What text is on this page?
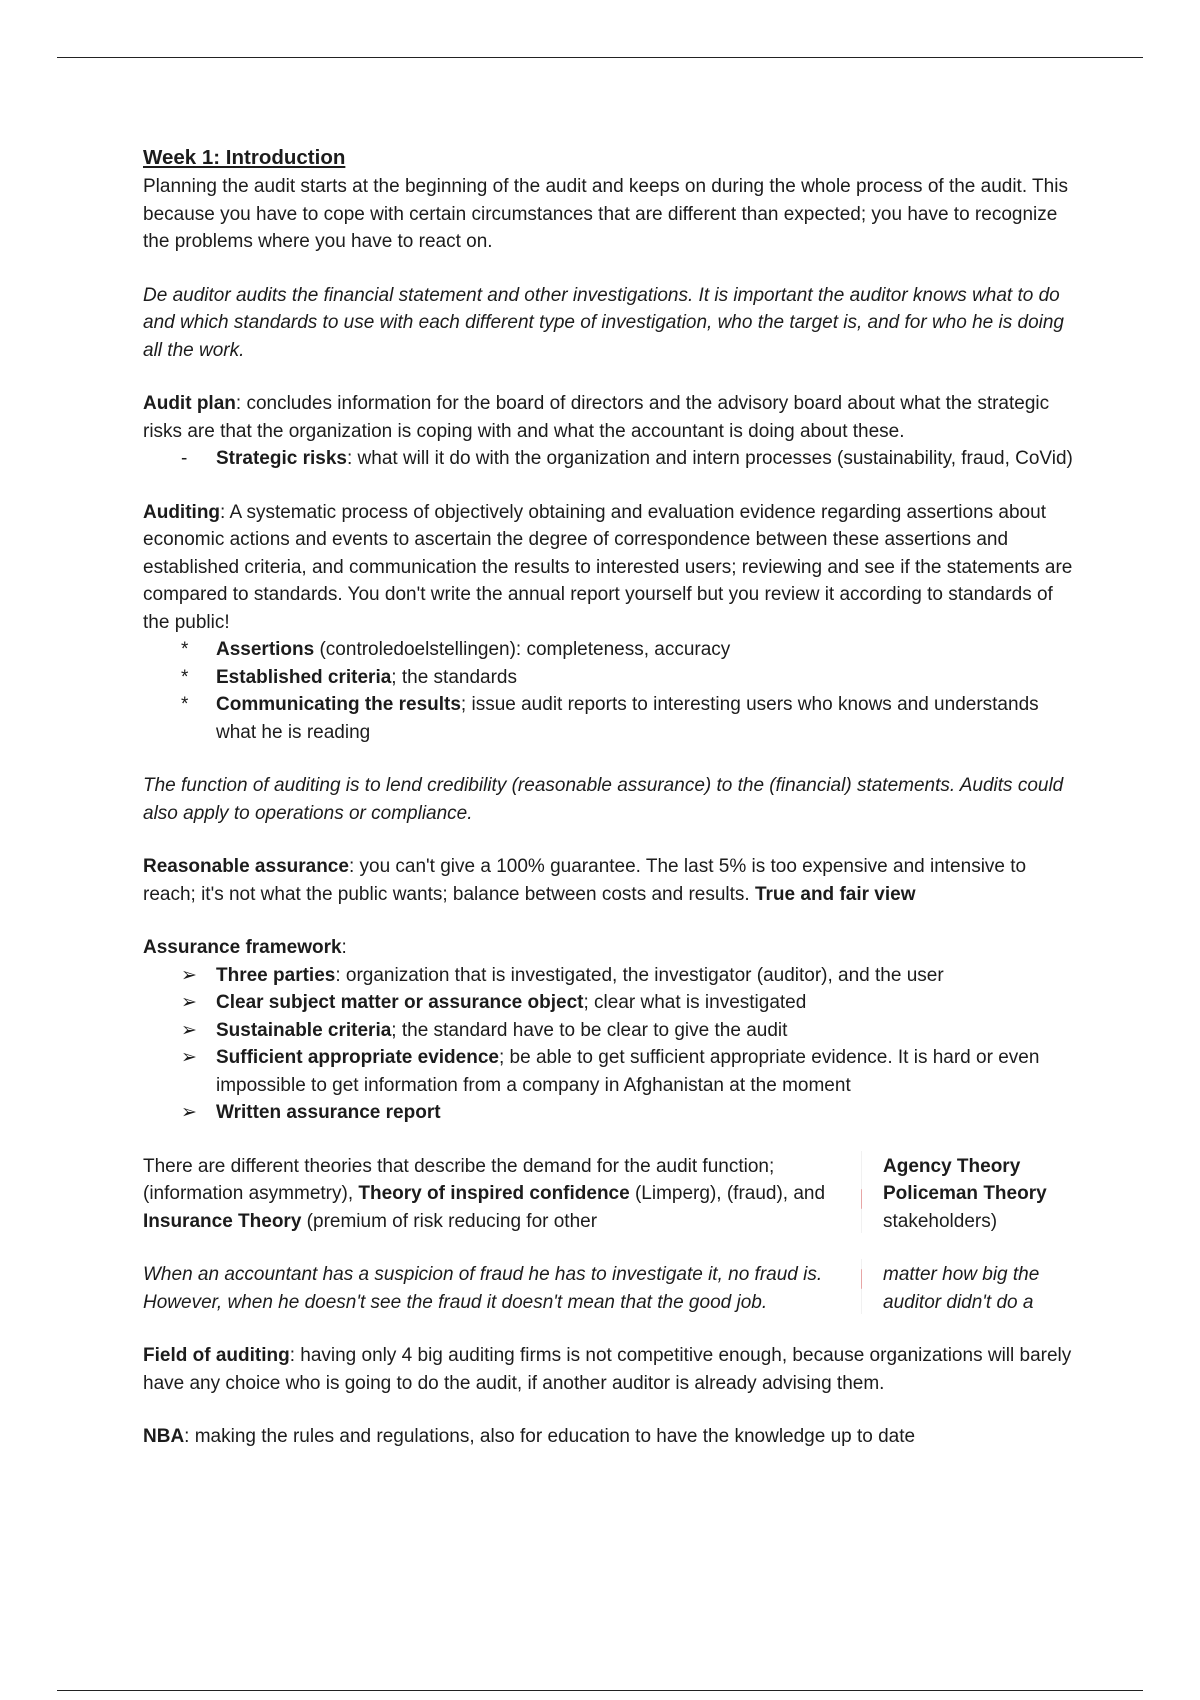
Week 1: Introduction

Planning the audit starts at the beginning of the audit and keeps on during the whole process of the audit. This because you have to cope with certain circumstances that are different than expected; you have to recognize the problems where you have to react on.

De auditor audits the financial statement and other investigations. It is important the auditor knows what to do and which standards to use with each different type of investigation, who the target is, and for who he is doing all the work.

Audit plan: concludes information for the board of directors and the advisory board about what the strategic risks are that the organization is coping with and what the accountant is doing about these.

-	Strategic risks: what will it do with the organization and intern processes (sustainability, fraud, CoVid)

Auditing: A systematic process of objectively obtaining and evaluation evidence regarding assertions about economic actions and events to ascertain the degree of correspondence between these assertions and established criteria, and communication the results to interested users; reviewing and see if the statements are compared to standards. You don't write the annual report yourself but you review it according to standards of the public!

*	Assertions (controledoelstellingen): completeness, accuracy
*	Established criteria; the standards
*	Communicating the results; issue audit reports to interesting users who knows and understands what he is reading

The function of auditing is to lend credibility (reasonable assurance) to the (financial) statements. Audits could also apply to operations or compliance.

Reasonable assurance: you can't give a 100% guarantee. The last 5% is too expensive and intensive to reach; it's not what the public wants; balance between costs and results. True and fair view

Assurance framework:

➢ Three parties: organization that is investigated, the investigator (auditor), and the user
➢ Clear subject matter or assurance object; clear what is investigated
➢ Sustainable criteria; the standard have to be clear to give the audit
➢ Sufficient appropriate evidence; be able to get sufficient appropriate evidence. It is hard or even impossible to get information from a company in Afghanistan at the moment
➢ Written assurance report

There are different theories that describe the demand for the audit function; (information asymmetry), Theory of inspired confidence (Limperg), (fraud), and Insurance Theory (premium of risk reducing for other

Agency Theory
Policeman Theory
stakeholders)

When an accountant has a suspicion of fraud he has to investigate it, no fraud is. However, when he doesn't see the fraud it doesn't mean that the good job.

matter how big the auditor didn't do a

Field of auditing: having only 4 big auditing firms is not competitive enough, because organizations will barely have any choice who is going to do the audit, if another auditor is already advising them.

NBA: making the rules and regulations, also for education to have the knowledge up to date
